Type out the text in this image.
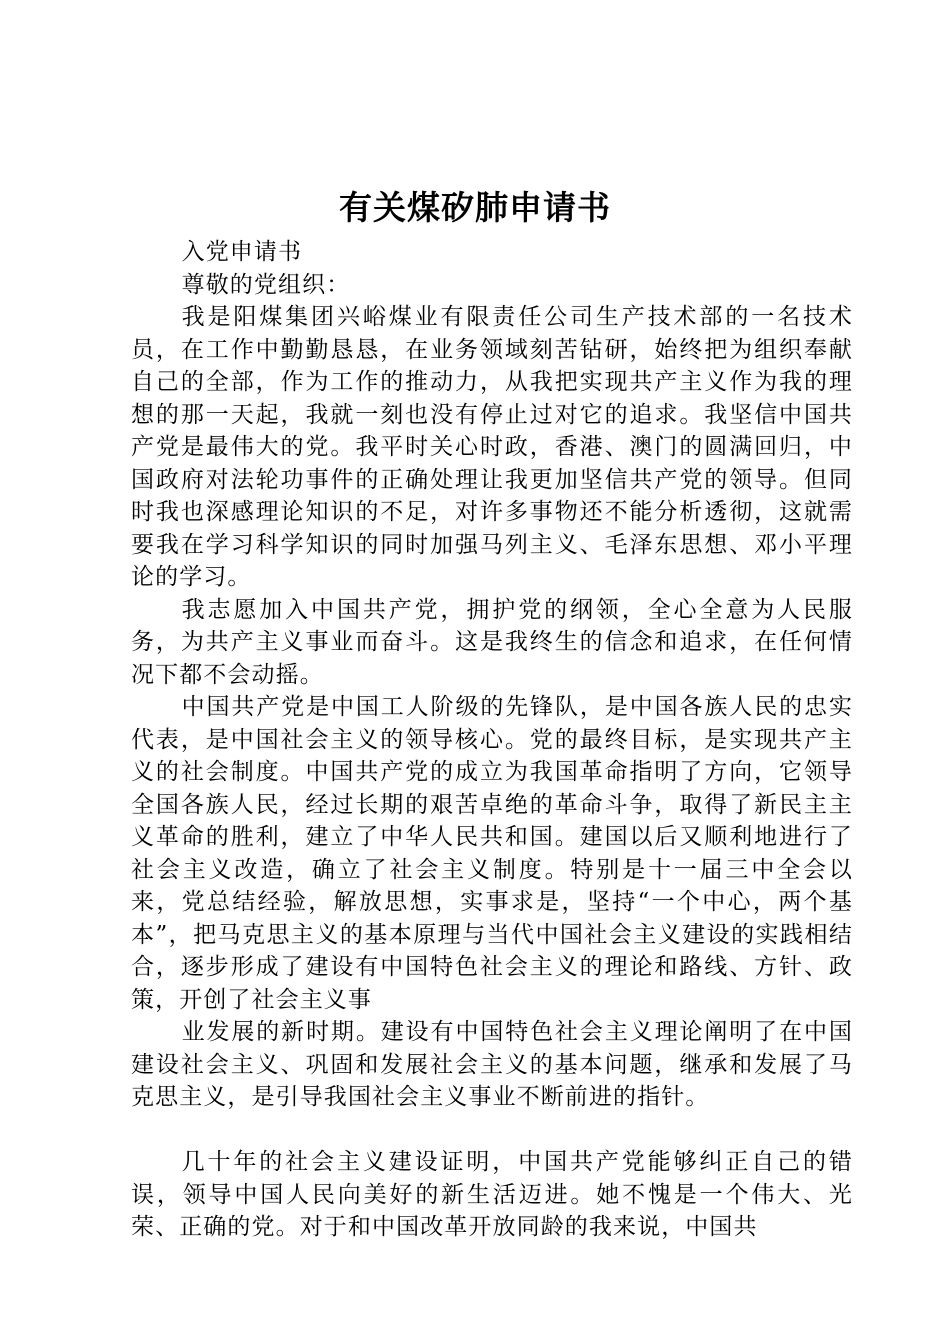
有关煤矽肺申请书

入党申请书

尊敬的党组织：

我是阳煤集团兴峪煤业有限责任公司生产技术部的一名技术员，在工作中勤勤恳恳，在业务领域刻苦钻研，始终把为组织奉献自己的全部，作为工作的推动力，从我把实现共产主义作为我的理想的那一天起，我就一刻也没有停止过对它的追求。我坚信中国共产党是最伟大的党。我平时关心时政，香港、澳门的圆满回归，中国政府对法轮功事件的正确处理让我更加坚信共产党的领导。但同时我也深感理论知识的不足，对许多事物还不能分析透彻，这就需要我在学习科学知识的同时加强马列主义、毛泽东思想、邓小平理论的学习。

我志愿加入中国共产党，拥护党的纲领，全心全意为人民服务，为共产主义事业而奋斗。这是我终生的信念和追求，在任何情况下都不会动摇。

中国共产党是中国工人阶级的先锋队，是中国各族人民的忠实代表，是中国社会主义的领导核心。党的最终目标，是实现共产主义的社会制度。中国共产党的成立为我国革命指明了方向，它领导全国各族人民，经过长期的艰苦卓绝的革命斗争，取得了新民主主义革命的胜利，建立了中华人民共和国。建国以后又顺利地进行了社会主义改造，确立了社会主义制度。特别是十一届三中全会以来，党总结经验，解放思想，实事求是，坚持“一个中心，两个基本”，把马克思主义的基本原理与当代中国社会主义建设的实践相结合，逐步形成了建设有中国特色社会主义的理论和路线、方针、政策，开创了社会主义事

业发展的新时期。建设有中国特色社会主义理论阐明了在中国建设社会主义、巩固和发展社会主义的基本问题，继承和发展了马克思主义，是引导我国社会主义事业不断前进的指针。

几十年的社会主义建设证明，中国共产党能够纠正自己的错误，领导中国人民向美好的新生活迈进。她不愧是一个伟大、光荣、正确的党。对于和中国改革开放同龄的我来说，中国共
